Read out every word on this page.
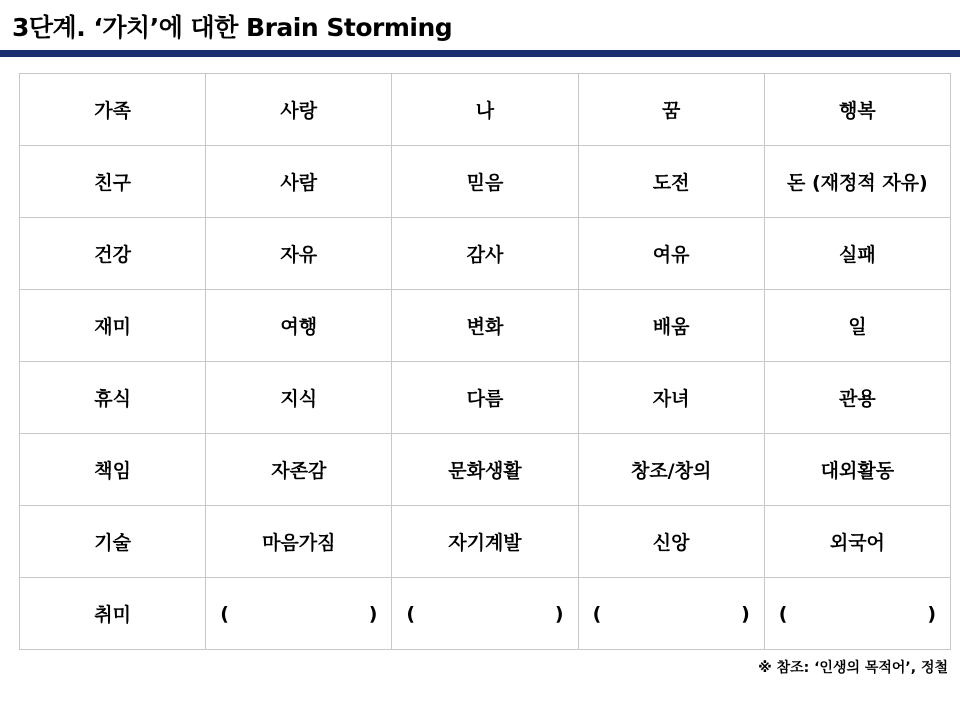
3단계. ‘가치’에 대한 Brain Storming
가족	사랑	나	꿈	행복
친구	사람	믿음	도전	돈 (재정적 자유)
건강	자유	감사	여유	실패
재미	여행	변화	배움	일
휴식	지식	다름	자녀	관용
책임	자존감	문화생활	창조/창의	대외활동
기술	마음가짐	자기계발	신앙	외국어
취미	( )	( )	( )	( )
※ 참조: ‘인생의 목적어’, 정철
